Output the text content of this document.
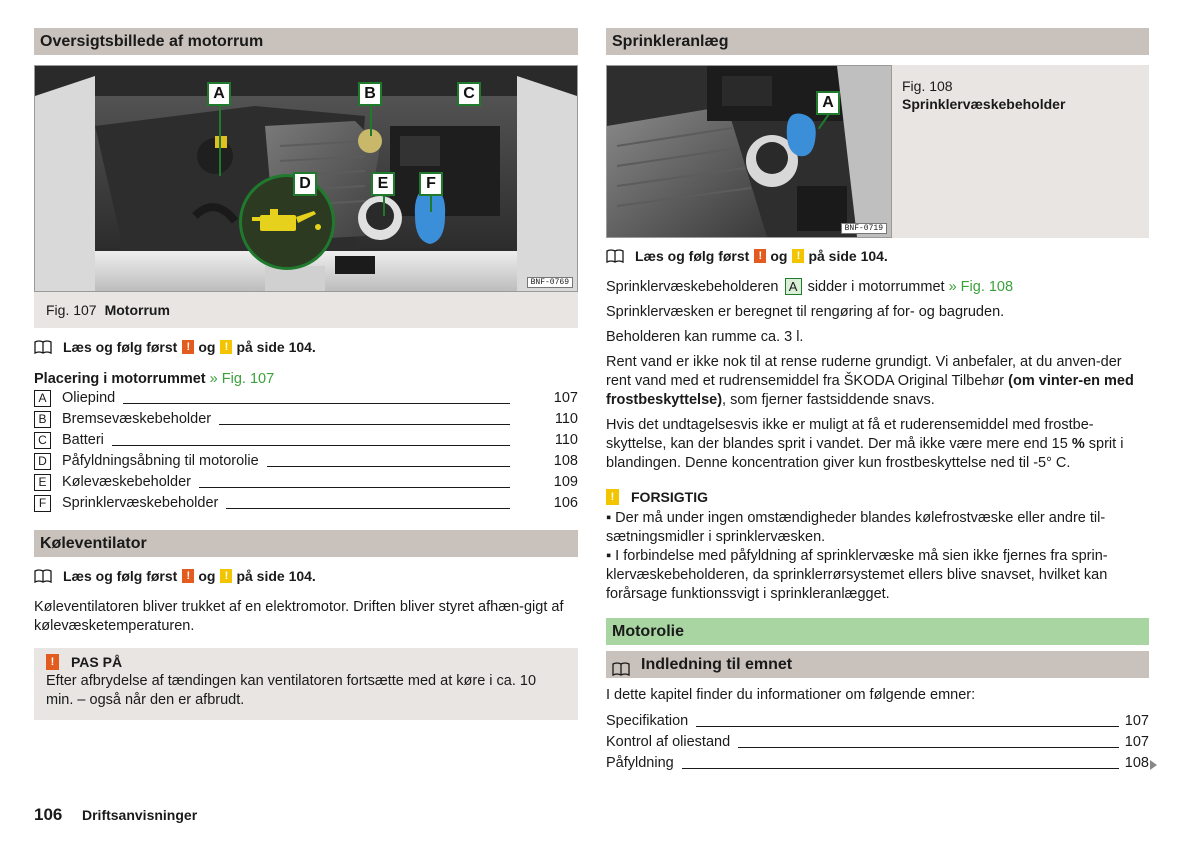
Oversigtsbillede af motorrum
A	B	C
D	E	F
BNF-0769
Fig. 107 Motorrum
Læs og følg først ! og ! på side 104.
Placering i motorrummet » Fig. 107
A	Oliepind	107
B	Bremsevæskebeholder	110
C Batteri	110
D Påfyldningsåbning til motorolie	108
E	Kølevæskebeholder	109
F	Sprinklervæskebeholder	106
Køleventilator
Læs og følg først ! og ! på side 104.

Køleventilatoren bliver trukket af en elektromotor. Driften bliver styret afhæn-gigt af kølevæsketemperaturen.

!	PAS PÅ

Efter afbrydelse af tændingen kan ventilatoren fortsætte med at køre i ca. 10 min. – også når den er afbrudt.

Sprinkleranlæg
A
BNF-0719
Fig. 108
Sprinklervæskebeholder
Læs og følg først ! og ! på side 104.

Sprinklervæskebeholderen A sidder i motorrummet » Fig. 108

Sprinklervæsken er beregnet til rengøring af for- og bagruden.

Beholderen kan rumme ca. 3 l.

Rent vand er ikke nok til at rense ruderne grundigt. Vi anbefaler, at du anven-der rent vand med et rudrensemiddel fra ŠKODA Original Tilbehør (om vinter-en med frostbeskyttelse), som fjerner fastsiddende snavs.

Hvis det undtagelsesvis ikke er muligt at få et ruderensemiddel med frostbe-skyttelse, kan der blandes sprit i vandet. Der må ikke være mere end 15 % sprit i blandingen. Denne koncentration giver kun frostbeskyttelse ned til -5° C.

!	FORSIGTIG

▪ Der må under ingen omstændigheder blandes kølefrostvæske eller andre til-sætningsmidler i sprinklervæsken.

▪ I forbindelse med påfyldning af sprinklervæske må sien ikke fjernes fra sprin-klervæskebeholderen, da sprinklerrørsystemet ellers blive snavset, hvilket kan forårsage funktionssvigt i sprinkleranlægget.

Motorolie
Indledning til emnet

I dette kapitel finder du informationer om følgende emner:

Specifikation	107
Kontrol af oliestand	107
Påfyldning	108
106 Driftsanvisninger
